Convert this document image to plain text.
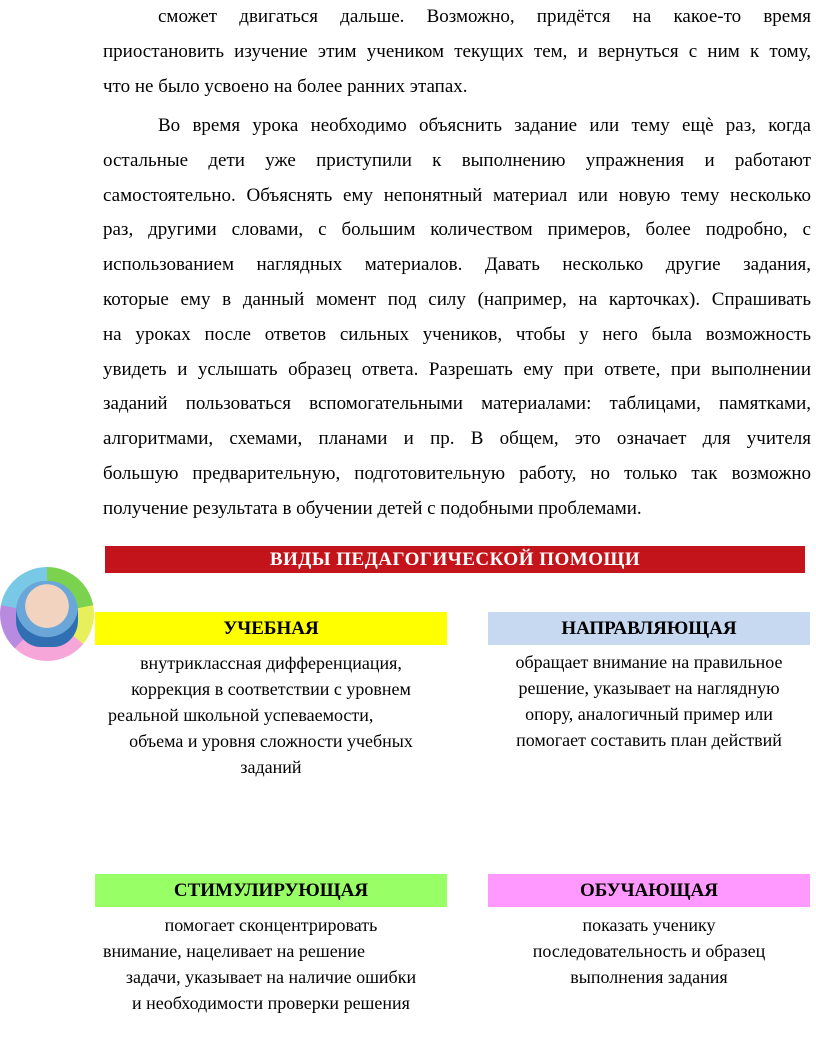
сможет двигаться дальше. Возможно, придётся на какое-то время
приостановить изучение этим учеником текущих тем, и вернуться с ним к тому,
что не было усвоено на более ранних этапах.
Во время урока необходимо объяснить задание или тему ещѐ раз, когда
остальные дети уже приступили к выполнению упражнения и работают
самостоятельно. Объяснять ему непонятный материал или новую тему несколько
раз, другими словами, с большим количеством примеров, более подробно, с
использованием наглядных материалов. Давать несколько другие задания,
которые ему в данный момент под силу (например, на карточках). Спрашивать
на уроках после ответов сильных учеников, чтобы у него была возможность
увидеть и услышать образец ответа. Разрешать ему при ответе, при выполнении
заданий пользоваться вспомогательными материалами: таблицами, памятками,
алгоритмами, схемами, планами и пр. В общем, это означает для учителя
большую предварительную, подготовительную работу, но только так возможно
получение результата в обучении детей с подобными проблемами.
ВИДЫ ПЕДАГОГИЧЕСКОЙ ПОМОЩИ
УЧЕБНАЯ
внутриклассная дифференциация,
коррекция в соответствии с уровнем
реальной школьной успеваемости,
объема и уровня сложности учебных
заданий
НАПРАВЛЯЮЩАЯ
обращает внимание на правильное
решение, указывает на наглядную
опору, аналогичный пример или
помогает составить план действий
СТИМУЛИРУЮЩАЯ
помогает сконцентрировать
внимание, нацеливает на решение
задачи, указывает на наличие ошибки
и необходимости проверки решения
ОБУЧАЮЩАЯ
показать ученику
последовательность и образец
выполнения задания
